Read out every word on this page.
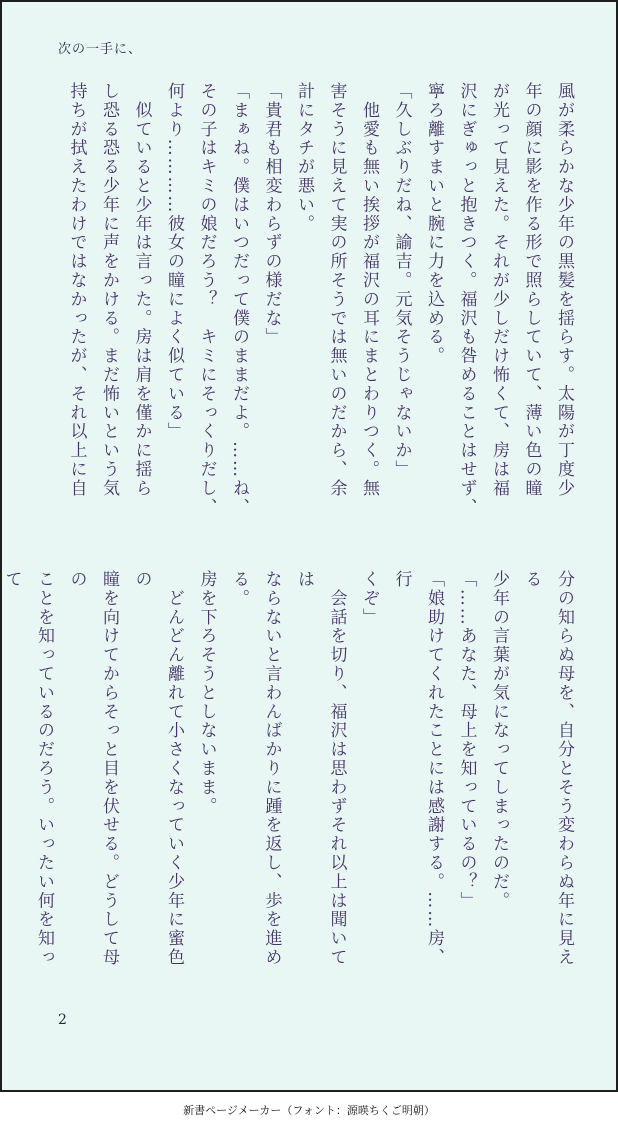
次の一手に、
風が柔らかな少年の黒髪を揺らす。太陽が丁度少
年の顔に影を作る形で照らしていて、薄い色の瞳
が光って見えた。それが少しだけ怖くて、房は福
沢にぎゅっと抱きつく。福沢も咎めることはせず、
寧ろ離すまいと腕に力を込める。
「久しぶりだね、諭吉。元気そうじゃないか」
　他愛も無い挨拶が福沢の耳にまとわりつく。無
害そうに見えて実の所そうでは無いのだから、余
計にタチが悪い。
「貴君も相変わらずの様だな」
「まぁね。僕はいつだって僕のままだよ。……ね、
その子はキミの娘だろう？　キミにそっくりだし、
何より…………彼女の瞳によく似ている」
　似ていると少年は言った。房は肩を僅かに揺ら
し恐る恐る少年に声をかける。まだ怖いという気
持ちが拭えたわけではなかったが、それ以上に自
分の知らぬ母を、自分とそう変わらぬ年に見える
少年の言葉が気になってしまったのだ。
「……あなた、母上を知っているの？」
「娘助けてくれたことには感謝する。……房、行
くぞ」
　会話を切り、福沢は思わずそれ以上は聞いては
ならないと言わんばかりに踵を返し、歩を進める。
房を下ろそうとしないまま。
　どんどん離れて小さくなっていく少年に蜜色の
瞳を向けてからそっと目を伏せる。どうして母の
ことを知っているのだろう。いったい何を知って

2
新書ページメーカー（フォント：源暎ちくご明朝）
